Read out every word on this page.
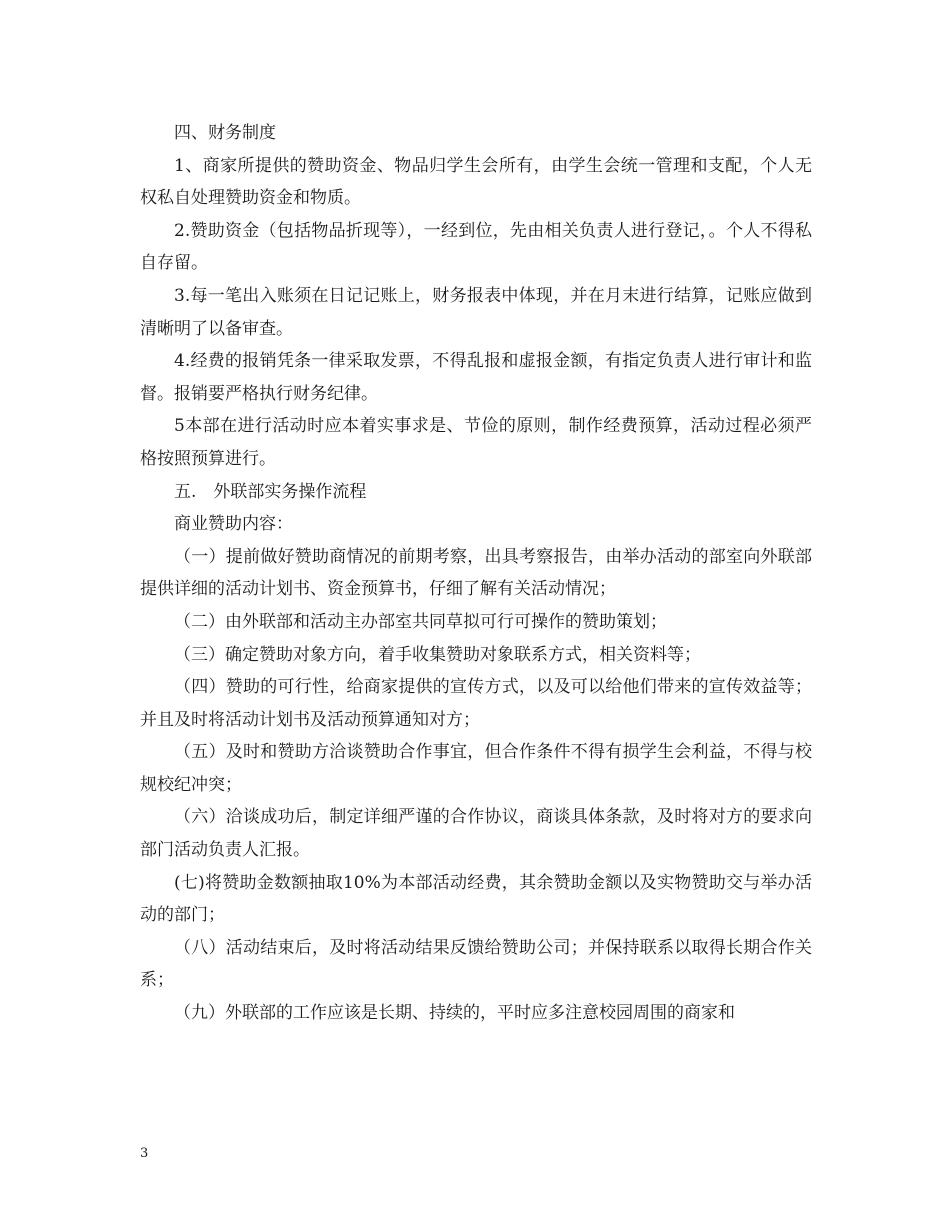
四、财务制度

1、商家所提供的赞助资金、物品归学生会所有，由学生会统一管理和支配，个人无权私自处理赞助资金和物质。

2.赞助资金（包括物品折现等），一经到位，先由相关负责人进行登记，。个人不得私自存留。

3.每一笔出入账须在日记记账上，财务报表中体现，并在月末进行结算，记账应做到清晰明了以备审查。

4.经费的报销凭条一律采取发票，不得乱报和虚报金额，有指定负责人进行审计和监督。报销要严格执行财务纪律。

5本部在进行活动时应本着实事求是、节俭的原则，制作经费预算，活动过程必须严格按照预算进行。

五.　外联部实务操作流程

商业赞助内容：

（一）提前做好赞助商情况的前期考察，出具考察报告，由举办活动的部室向外联部提供详细的活动计划书、资金预算书，仔细了解有关活动情况；

（二）由外联部和活动主办部室共同草拟可行可操作的赞助策划；

（三）确定赞助对象方向，着手收集赞助对象联系方式，相关资料等；

（四）赞助的可行性，给商家提供的宣传方式，以及可以给他们带来的宣传效益等；并且及时将活动计划书及活动预算通知对方；

（五）及时和赞助方洽谈赞助合作事宜，但合作条件不得有损学生会利益，不得与校规校纪冲突；

（六）洽谈成功后，制定详细严谨的合作协议，商谈具体条款，及时将对方的要求向部门活动负责人汇报。

(七)将赞助金数额抽取10%为本部活动经费，其余赞助金额以及实物赞助交与举办活动的部门；

（八）活动结束后，及时将活动结果反馈给赞助公司；并保持联系以取得长期合作关系；

（九）外联部的工作应该是长期、持续的，平时应多注意校园周围的商家和

3
